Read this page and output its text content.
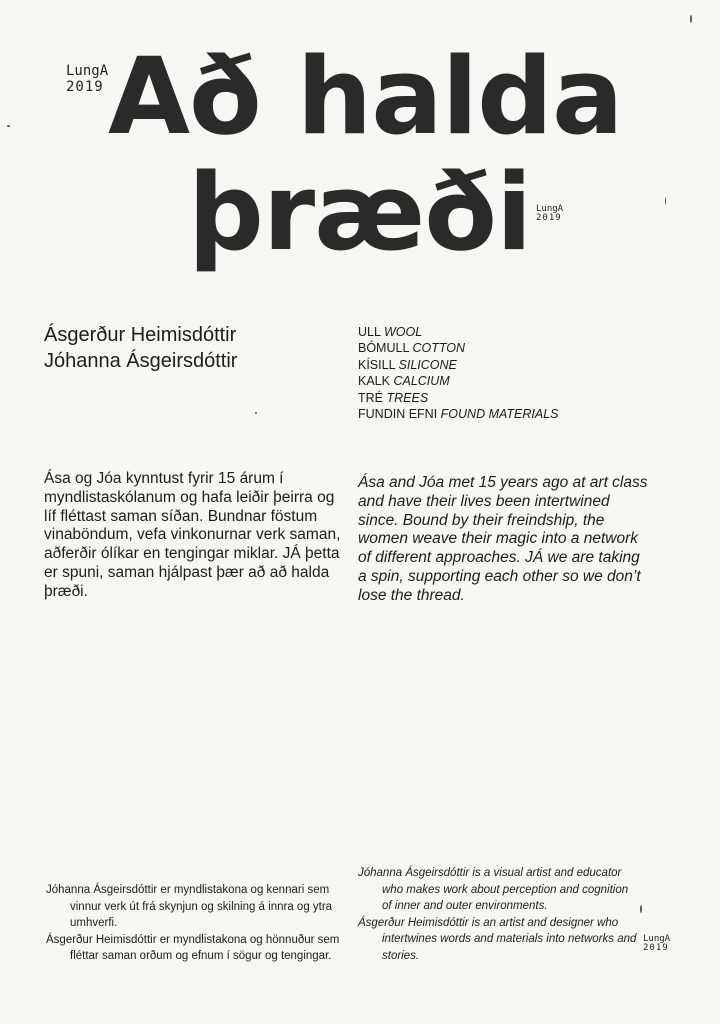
LungA
2019 Að halda
þræði LungA
2019
Ásgerður Heimisdóttir
Jóhanna Ásgeirsdóttir
ULL WOOL
BÓMULL COTTON
KÍSILL SILICONE
KALK CALCIUM
TRÉ TREES
FUNDIN EFNI FOUND MATERIALS

Ása og Jóa kynntust fyrir 15 árum í myndlistaskólanum og hafa leiðir þeirra og líf fléttast saman síðan. Bundnar föstum vinaböndum, vefa vinkonurnar verk saman, aðferðir ólíkar en tengingar miklar. JÁ þetta er spuni, saman hjálpast þær að að halda þræði.

Ása and Jóa met 15 years ago at art class and have their lives been intertwined since. Bound by their freindship, the women weave their magic into a network of different approaches. JÁ we are taking a spin, supporting each other so we don’t lose the thread.

Jóhanna Ásgeirsdóttir er myndlistakona og kennari sem vinnur verk út frá skynjun og skilning á innra og ytra umhverfi.

Ásgerður Heimisdóttir er myndlistakona og hönnuður sem fléttar saman orðum og efnum í sögur og tengingar.

Jóhanna Ásgeirsdóttir is a visual artist and educator who makes work about perception and cognition of inner and outer environments.

Ásgerður Heimisdóttir is an artist and designer who intertwines words and materials into networks and stories.

LungA
2019
